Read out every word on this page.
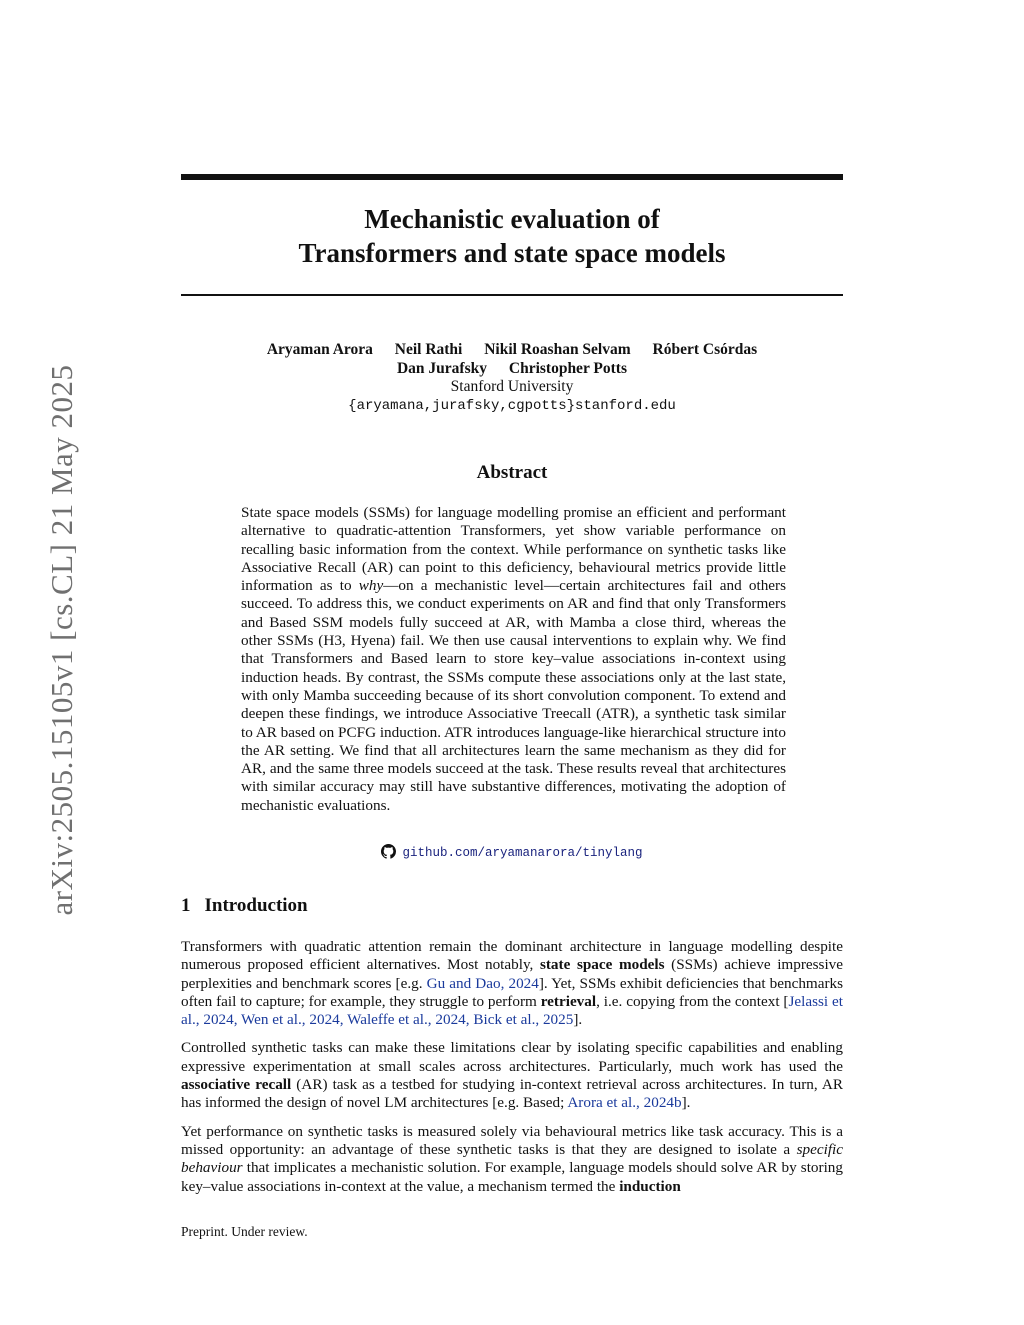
arXiv:2505.15105v1 [cs.CL] 21 May 2025
Mechanistic evaluation of
Transformers and state space models
Aryaman Arora Neil Rathi Nikil Roashan Selvam Róbert Csórdas
Dan Jurafsky Christopher Potts
Stanford University
{aryamana,jurafsky,cgpotts}stanford.edu
Abstract

State space models (SSMs) for language modelling promise an efficient and performant alternative to quadratic-attention Transformers, yet show variable performance on recalling basic information from the context. While performance on synthetic tasks like Associative Recall (AR) can point to this deficiency, behavioural metrics provide little information as to why—on a mechanistic level—certain architectures fail and others succeed. To address this, we conduct experiments on AR and find that only Transformers and Based SSM models fully succeed at AR, with Mamba a close third, whereas the other SSMs (H3, Hyena) fail. We then use causal interventions to explain why. We find that Transformers and Based learn to store key–value associations in-context using induction heads. By contrast, the SSMs compute these associations only at the last state, with only Mamba succeeding because of its short convolution component. To extend and deepen these findings, we introduce Associative Treecall (ATR), a synthetic task similar to AR based on PCFG induction. ATR introduces language-like hierarchical structure into the AR setting. We find that all architectures learn the same mechanism as they did for AR, and the same three models succeed at the task. These results reveal that architectures with similar accuracy may still have substantive differences, motivating the adoption of mechanistic evaluations.

github.com/aryamanarora/tinylang
1 Introduction

Transformers with quadratic attention remain the dominant architecture in language modelling despite numerous proposed efficient alternatives. Most notably, state space models (SSMs) achieve impressive perplexities and benchmark scores [e.g. Gu and Dao, 2024]. Yet, SSMs exhibit deficiencies that benchmarks often fail to capture; for example, they struggle to perform retrieval, i.e. copying from the context [Jelassi et al., 2024, Wen et al., 2024, Waleffe et al., 2024, Bick et al., 2025].

Controlled synthetic tasks can make these limitations clear by isolating specific capabilities and enabling expressive experimentation at small scales across architectures. Particularly, much work has used the associative recall (AR) task as a testbed for studying in-context retrieval across architectures. In turn, AR has informed the design of novel LM architectures [e.g. Based; Arora et al., 2024b].

Yet performance on synthetic tasks is measured solely via behavioural metrics like task accuracy. This is a missed opportunity: an advantage of these synthetic tasks is that they are designed to isolate a specific behaviour that implicates a mechanistic solution. For example, language models should solve AR by storing key–value associations in-context at the value, a mechanism termed the induction

Preprint. Under review.
